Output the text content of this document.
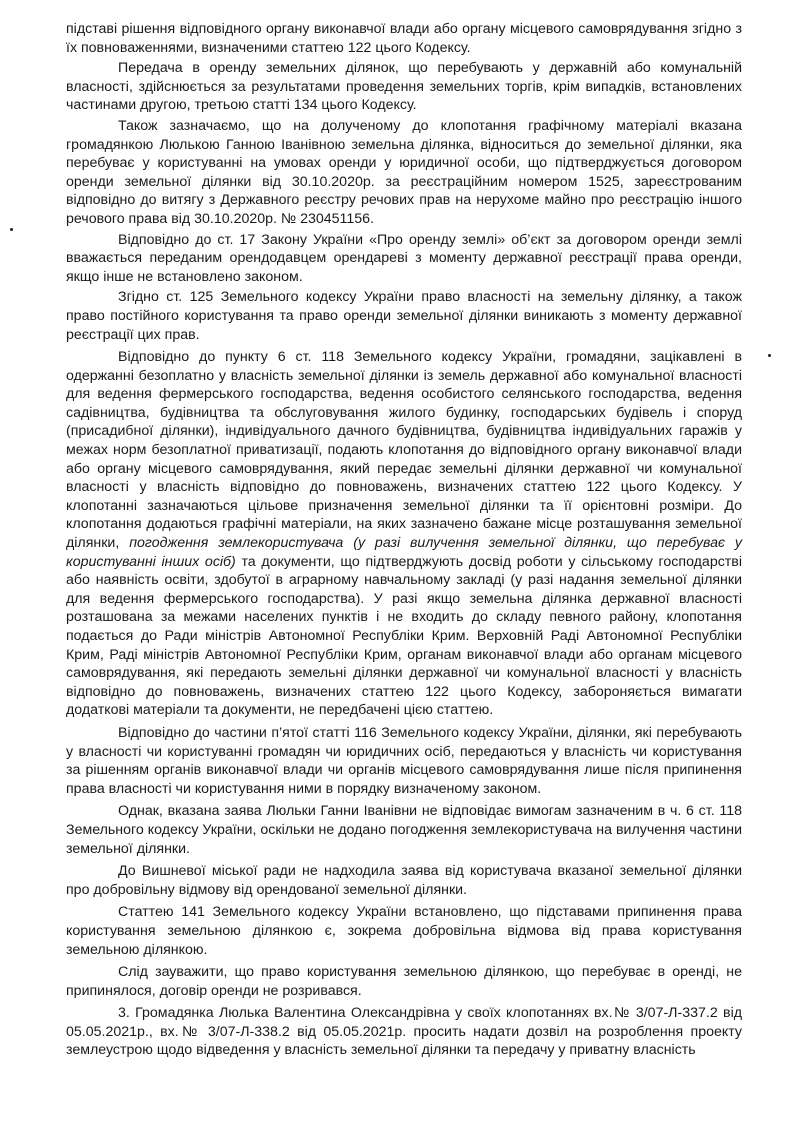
підставі рішення відповідного органу виконавчої влади або органу місцевого самоврядування згідно з їх повноваженнями, визначеними статтею 122 цього Кодексу.

Передача в оренду земельних ділянок, що перебувають у державній або комунальній власності, здійснюється за результатами проведення земельних торгів, крім випадків, встановлених частинами другою, третьою статті 134 цього Кодексу.

Також зазначаємо, що на долученому до клопотання графічному матеріалі вказана громадянкою Люлькою Ганною Іванівною земельна ділянка, відноситься до земельної ділянки, яка перебуває у користуванні на умовах оренди у юридичної особи, що підтверджується договором оренди земельної ділянки від 30.10.2020р. за реєстраційним номером 1525, зареєстрованим відповідно до витягу з Державного реєстру речових прав на нерухоме майно про реєстрацію іншого речового права від 30.10.2020р. № 230451156.

Відповідно до ст. 17 Закону України «Про оренду землі» об’єкт за договором оренди землі вважається переданим орендодавцем орендареві з моменту державної реєстрації права оренди, якщо інше не встановлено законом.

Згідно ст. 125 Земельного кодексу України право власності на земельну ділянку, а також право постійного користування та право оренди земельної ділянки виникають з моменту державної реєстрації цих прав.

Відповідно до пункту 6 ст. 118 Земельного кодексу України, громадяни, зацікавлені в одержанні безоплатно у власність земельної ділянки із земель державної або комунальної власності для ведення фермерського господарства, ведення особистого селянського господарства, ведення садівництва, будівництва та обслуговування жилого будинку, господарських будівель і споруд (присадибної ділянки), індивідуального дачного будівництва, будівництва індивідуальних гаражів у межах норм безоплатної приватизації, подають клопотання до відповідного органу виконавчої влади або органу місцевого самоврядування, який передає земельні ділянки державної чи комунальної власності у власність відповідно до повноважень, визначених статтею 122 цього Кодексу. У клопотанні зазначаються цільове призначення земельної ділянки та її орієнтовні розміри. До клопотання додаються графічні матеріали, на яких зазначено бажане місце розташування земельної ділянки, погодження землекористувача (у разі вилучення земельної ділянки, що перебуває у користуванні інших осіб) та документи, що підтверджують досвід роботи у сільському господарстві або наявність освіти, здобутої в аграрному навчальному закладі (у разі надання земельної ділянки для ведення фермерського господарства). У разі якщо земельна ділянка державної власності розташована за межами населених пунктів і не входить до складу певного району, клопотання подається до Ради міністрів Автономної Республіки Крим. Верховній Раді Автономної Республіки Крим, Раді міністрів Автономної Республіки Крим, органам виконавчої влади або органам місцевого самоврядування, які передають земельні ділянки державної чи комунальної власності у власність відповідно до повноважень, визначених статтею 122 цього Кодексу, забороняється вимагати додаткові матеріали та документи, не передбачені цією статтею.

Відповідно до частини п’ятої статті 116 Земельного кодексу України, ділянки, які перебувають у власності чи користуванні громадян чи юридичних осіб, передаються у власність чи користування за рішенням органів виконавчої влади чи органів місцевого самоврядування лише після припинення права власності чи користування ними в порядку визначеному законом.

Однак, вказана заява Люльки Ганни Іванівни не відповідає вимогам зазначеним в ч. 6 ст. 118 Земельного кодексу України, оскільки не додано погодження землекористувача на вилучення частини земельної ділянки.

До Вишневої міської ради не надходила заява від користувача вказаної земельної ділянки про добровільну відмову від орендованої земельної ділянки.

Статтею 141 Земельного кодексу України встановлено, що підставами припинення права користування земельною ділянкою є, зокрема добровільна відмова від права користування земельною ділянкою.

Слід зауважити, що право користування земельною ділянкою, що перебуває в оренді, не припинялося, договір оренди не розривався.

3. Громадянка Люлька Валентина Олександрівна у своїх клопотаннях вх.№ 3/07-Л-337.2 від 05.05.2021р., вх.№ 3/07-Л-338.2 від 05.05.2021р. просить надати дозвіл на розроблення проекту землеустрою щодо відведення у власність земельної ділянки та передачу у приватну власність
